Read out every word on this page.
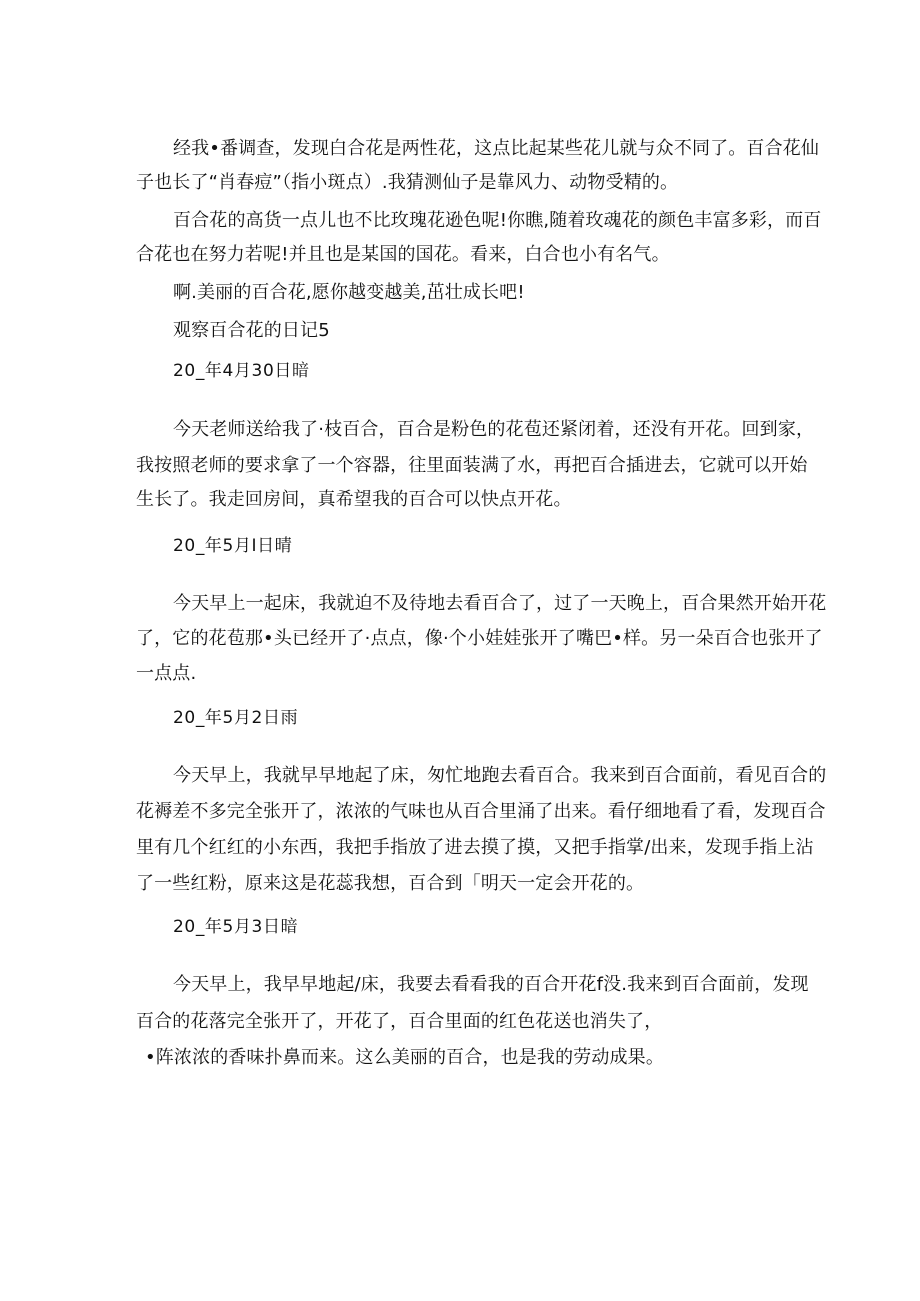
经我•番调查，发现白合花是两性花，这点比起某些花儿就与众不同了。百合花仙
子也长了“肖春痘”（指小斑点）.我猜测仙子是靠风力、动物受精的。
百合花的高货一点儿也不比玫瑰花逊色呢!你瞧,随着玫魂花的颜色丰富多彩，而百
合花也在努力若呢!并且也是某国的国花。看来，白合也小有名气。
啊.美丽的百合花,愿你越变越美,茁壮成长吧!
观察百合花的日记5
20_年4月30日暗
今天老师送给我了·枝百合，百合是粉色的花苞还紧闭着，还没有开花。回到家，
我按照老师的要求拿了一个容器，往里面装满了水，再把百合插进去，它就可以开始
生长了。我走回房间，真希望我的百合可以快点开花。
20_年5月I日晴
今天早上一起床，我就迫不及待地去看百合了，过了一天晚上，百合果然开始开花
了，它的花苞那•头已经开了·点点，像·个小娃娃张开了嘴巴•样。另一朵百合也张开了
一点点.
20_年5月2日雨
今天早上，我就早早地起了床，匆忙地跑去看百合。我来到百合面前，看见百合的
花褥差不多完全张开了，浓浓的气味也从百合里涌了出来。看仔细地看了看，发现百合
里有几个红红的小东西，我把手指放了进去摸了摸，又把手指掌/出来，发现手指上沾
了一些红粉，原来这是花蕊我想，百合到「明天一定会开花的。
20_年5月3日暗
今天早上，我早早地起/床，我要去看看我的百合开花f没.我来到百合面前，发现
百合的花落完全张开了，开花了，百合里面的红色花送也消失了，
•阵浓浓的香味扑鼻而来。这么美丽的百合，也是我的劳动成果。
